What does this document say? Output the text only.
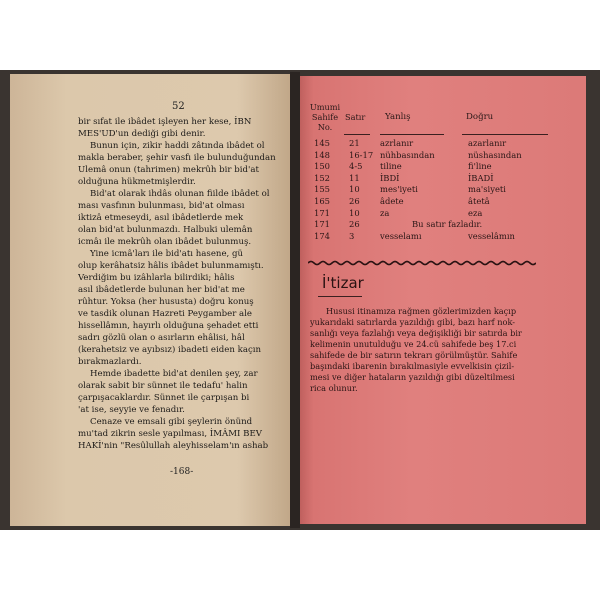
52
bir sıfat ile ibâdet işleyen her kese, İBN
MES'UD'un dediği gibi denir.
Bunun için, zikir haddi zâtında ibâdet ol
makla beraber, şehir vasfı ile bulunduğundan
Ulemâ onun (tahrimen) mekrûh bir bid'at
olduğuna hükmetmişlerdir.
Bid'at olarak ihdâs olunan fiilde ibâdet ol
ması vasfının bulunması, bid'at olması
iktizâ etmeseydi, asıl ibâdetlerde mek
olan bid'at bulunmazdı. Halbuki ulemân
icmâı ile mekrûh olan ibâdet bulunmuş.
Yine icmâ'ları ile bid'atı hasene, gü
olup kerâhatsiz hâlis ibâdet bulunmamıştı.
Verdiğim bu izâhlarla bilirdiki; hâlis
asıl ibâdetlerde bulunan her bid'at me
rûhtur. Yoksa (her hususta) doğru konuş
ve tasdik olunan Hazreti Peygamber ale
hissellâmın, hayırlı olduğuna şehadet etti
sadrı gözlü olan o asırların ehâlisi, hâl
(kerahetsiz ve ayıbsız) ibadeti eiden kaçın
bırakmazlardı.
Hemde ibadette bid'at denilen şey, zar
olarak sabit bir sünnet ile tedafu' halin
çarpışacaklardır. Sünnet ile çarpışan bi
'at ise, seyyie ve fenadır.
Cenaze ve emsali gibi şeylerin önünd
mu'tad zikrin sesle yapılması, İMÂMI BEV
HAKİ'nin "Resûlullah aleyhisselam'ın ashab
-168-
Umumi Sahife No.
Satır Yanlış	Doğru
145 21 azrlanır	azarlanır
148 16-17 nühbasından	nüshasından
150 4-5 tiline	fi'line
152 11 İBDİ	İBADİ
155 10 mes'iyeti	ma'siyeti
165 26 âdete	âtetâ
171 10 za	eza
171 26	Bu satır fazladır.
174 3	vesselamı	vesselâmın
İ'tizar
Hususi itinamıza rağmen gözlerimizden kaçıp
yukarıdaki satırlarda yazıldığı gibi, bazı harf nok-
sanlığı veya fazlalığı veya değişikliği bir satırda bir
kelimenin unutulduğu ve 24.cü sahifede beş 17.ci
sahifede de bir satırın tekrarı görülmüştür. Sahife
başındaki ibarenin bırakılmasiyle evvelkisin çizil-
mesi ve diğer hataların yazıldığı gibi düzeltilmesi
rica olunur.
